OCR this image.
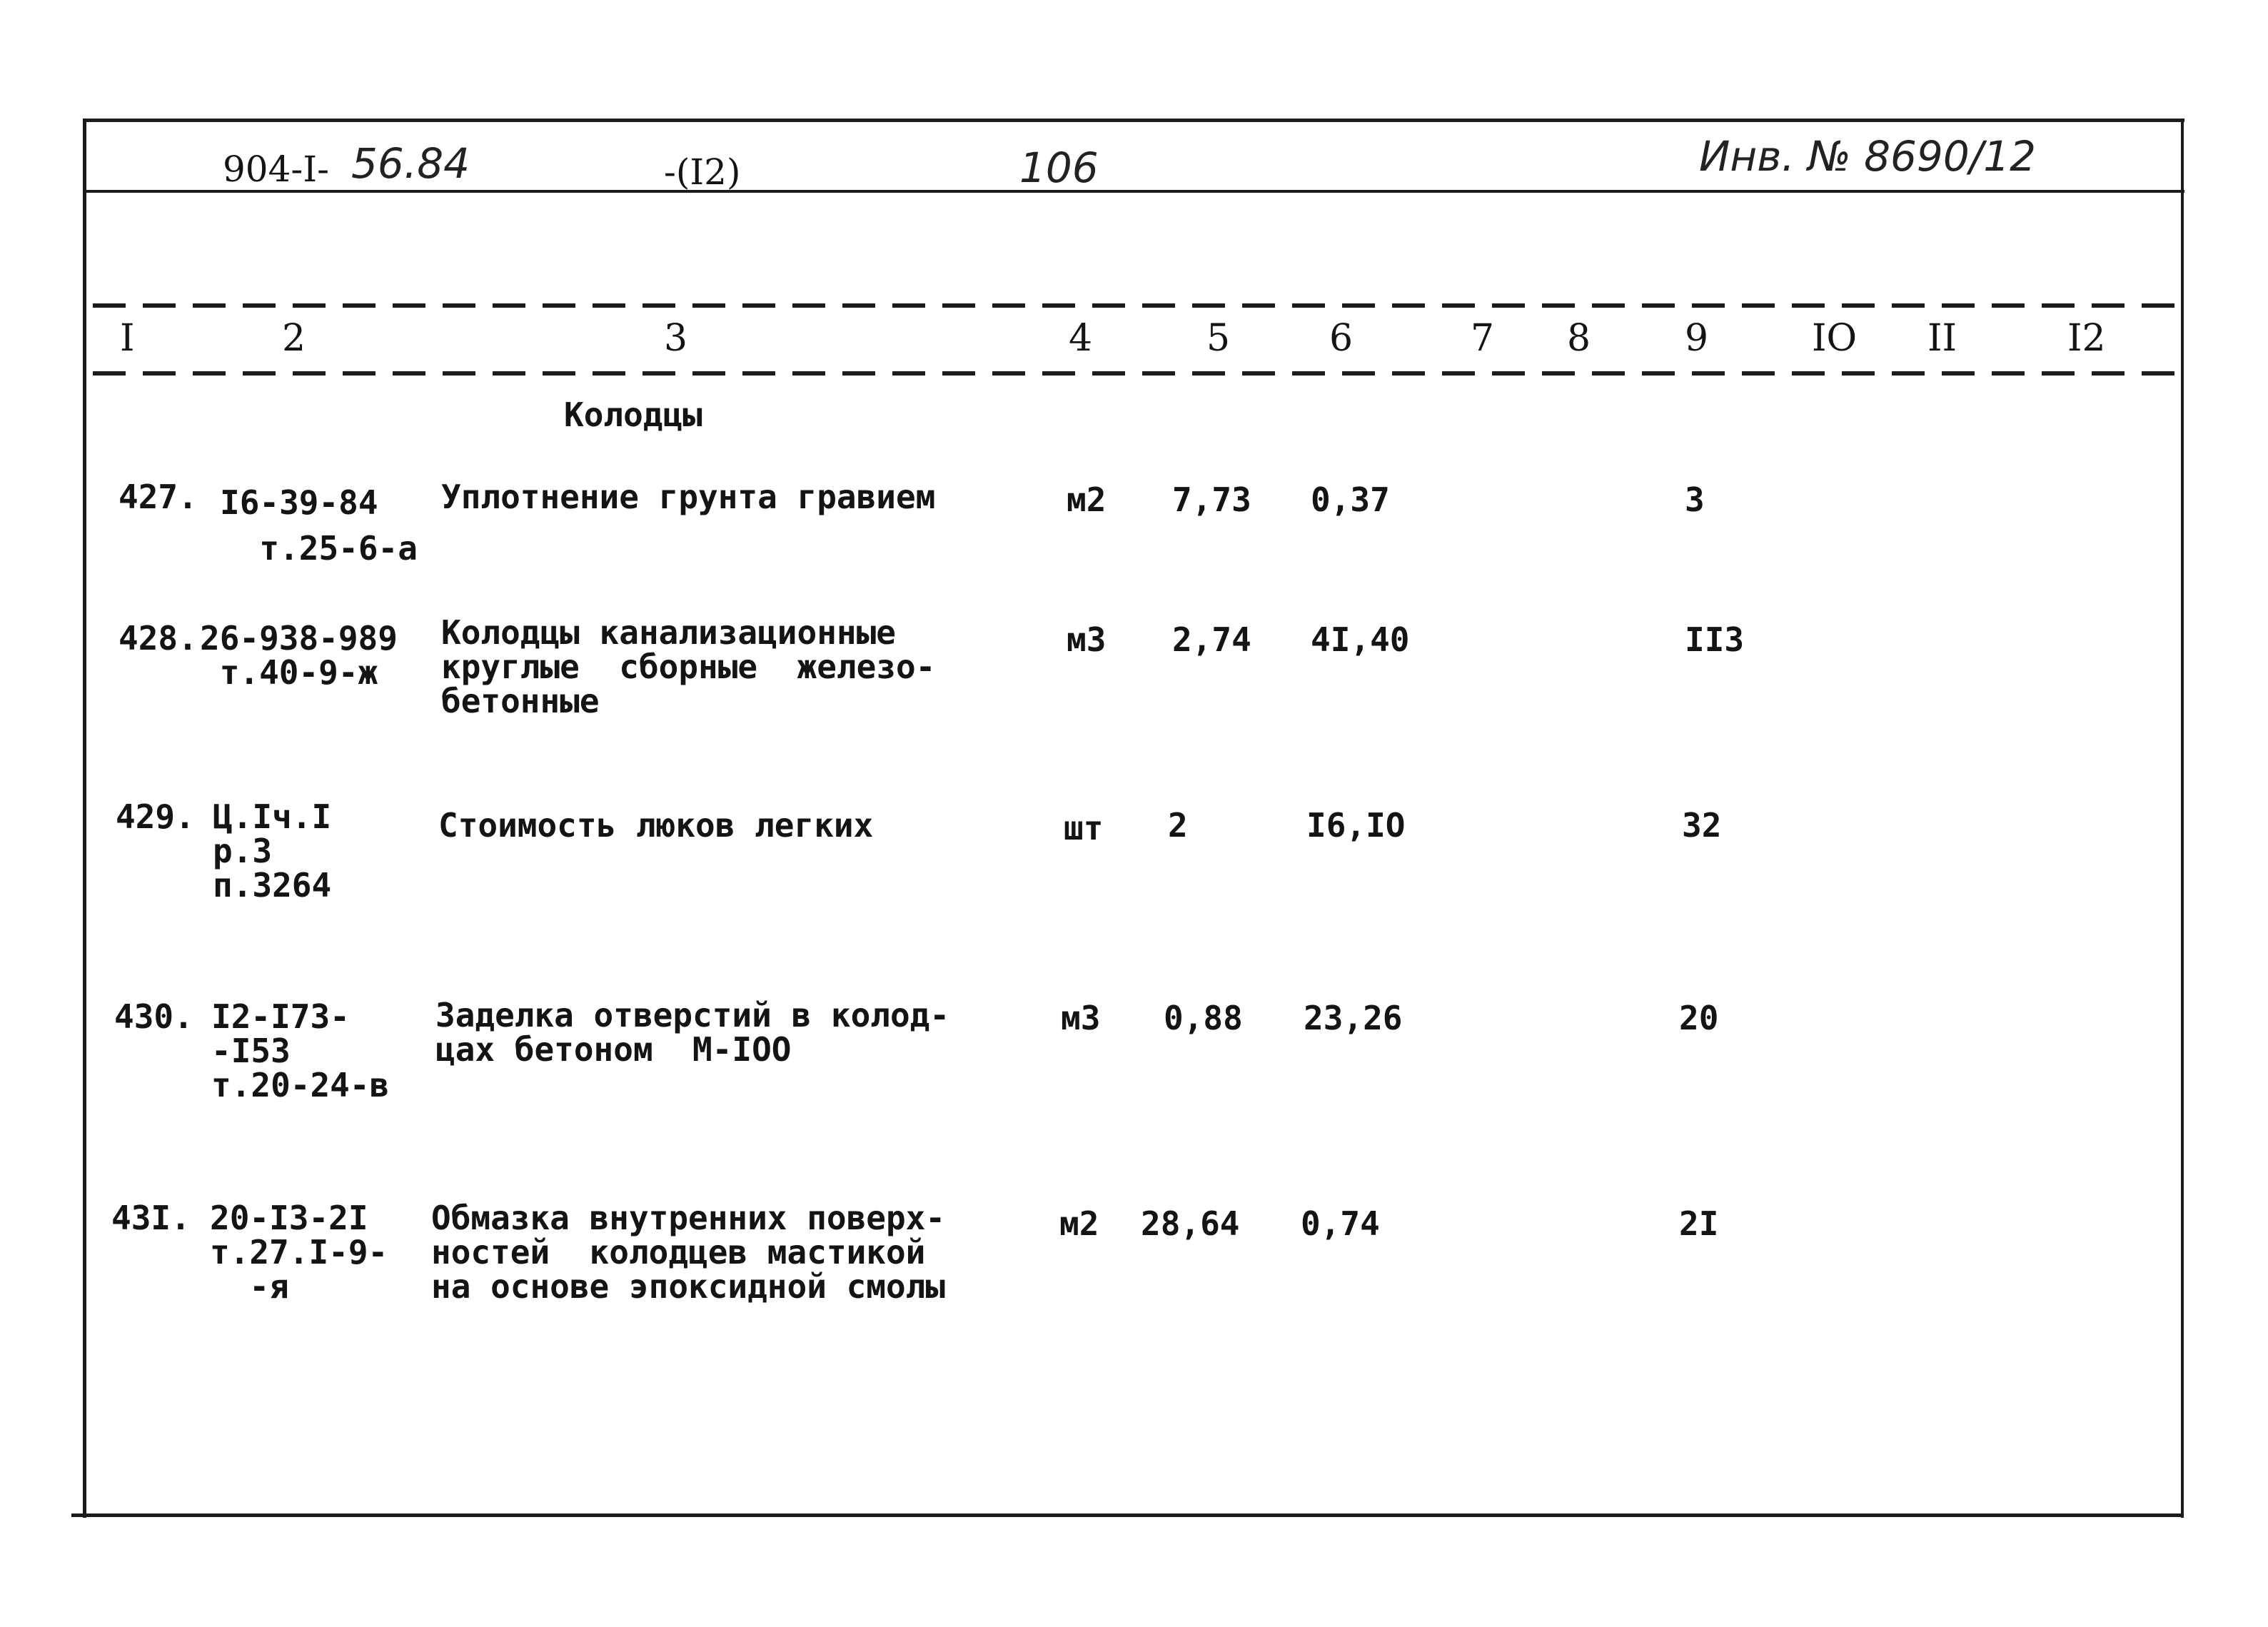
904-I- 56.84	-(I2)	106	Инв. № 8690/12
I	2	3	4	5	6	7 8	9	IO II	I2
Колодцы
427. I6-39-84
т.25-6-а
Уплотнение грунта гравием	м2 7,73 0,37	3
428. 26-938-989
т.40-9-ж
Колодцы канализационные
круглые  сборные  железо-
бетонные
м3 2,74 4I,40	II3
429. Ц.Iч.I
р.3
п.3264
Стоимость люков легких	шт 2	I6,IO	32
430. I2-I73-
-I53
т.20-24-в
Заделка отверстий в колод-
цах бетоном  М-IOO
м3 0,88 23,26	20
43I. 20-I3-2I
т.27.I-9-
-я
Обмазка внутренних поверх-
ностей  колодцев мастикой
на основе эпоксидной смолы
м2 28,64 0,74	2I
